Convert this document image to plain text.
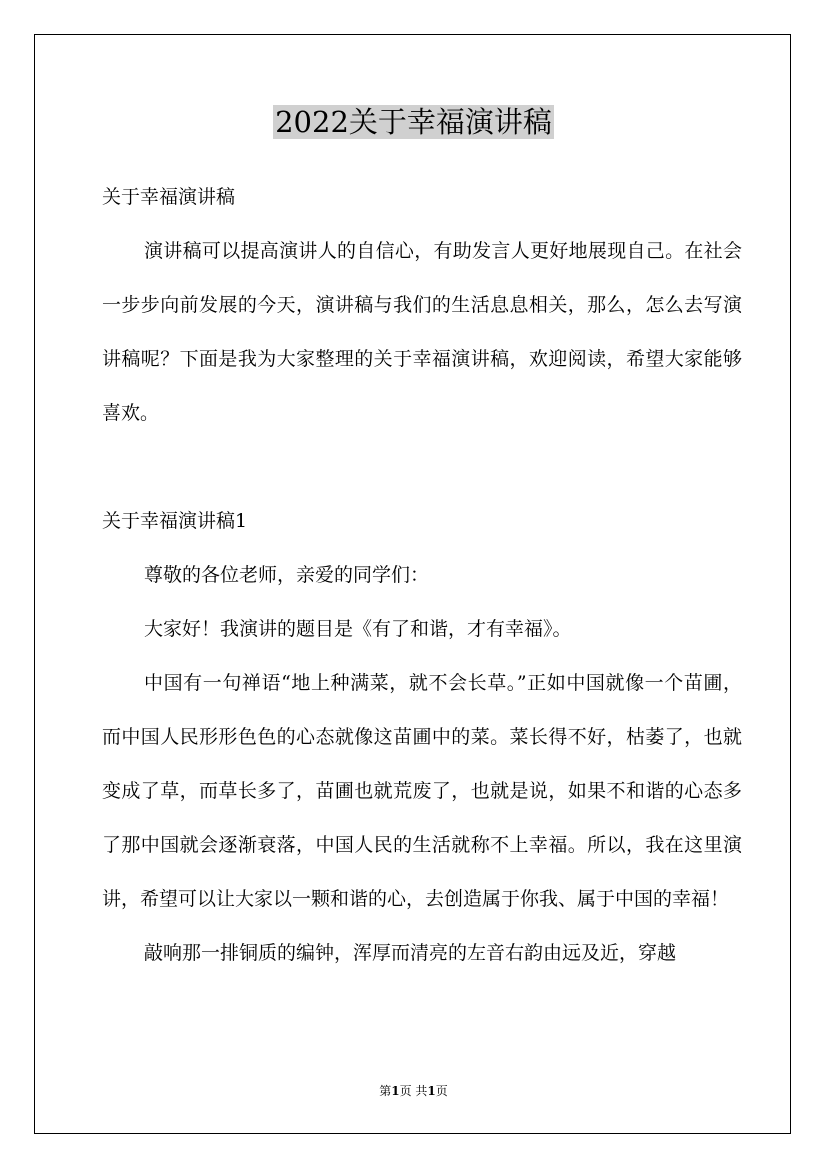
2022关于幸福演讲稿

关于幸福演讲稿

演讲稿可以提高演讲人的自信心，有助发言人更好地展现自己。在社会一步步向前发展的今天，演讲稿与我们的生活息息相关，那么，怎么去写演讲稿呢？下面是我为大家整理的关于幸福演讲稿，欢迎阅读，希望大家能够喜欢。

关于幸福演讲稿1

尊敬的各位老师，亲爱的同学们：

大家好！我演讲的题目是《有了和谐，才有幸福》。

中国有一句禅语“地上种满菜，就不会长草。”正如中国就像一个苗圃，而中国人民形形色色的心态就像这苗圃中的菜。菜长得不好，枯萎了，也就变成了草，而草长多了，苗圃也就荒废了，也就是说，如果不和谐的心态多了那中国就会逐渐衰落，中国人民的生活就称不上幸福。所以，我在这里演讲，希望可以让大家以一颗和谐的心，去创造属于你我、属于中国的幸福！

敲响那一排铜质的编钟，浑厚而清亮的左音右韵由远及近，穿越

第1页 共1页
